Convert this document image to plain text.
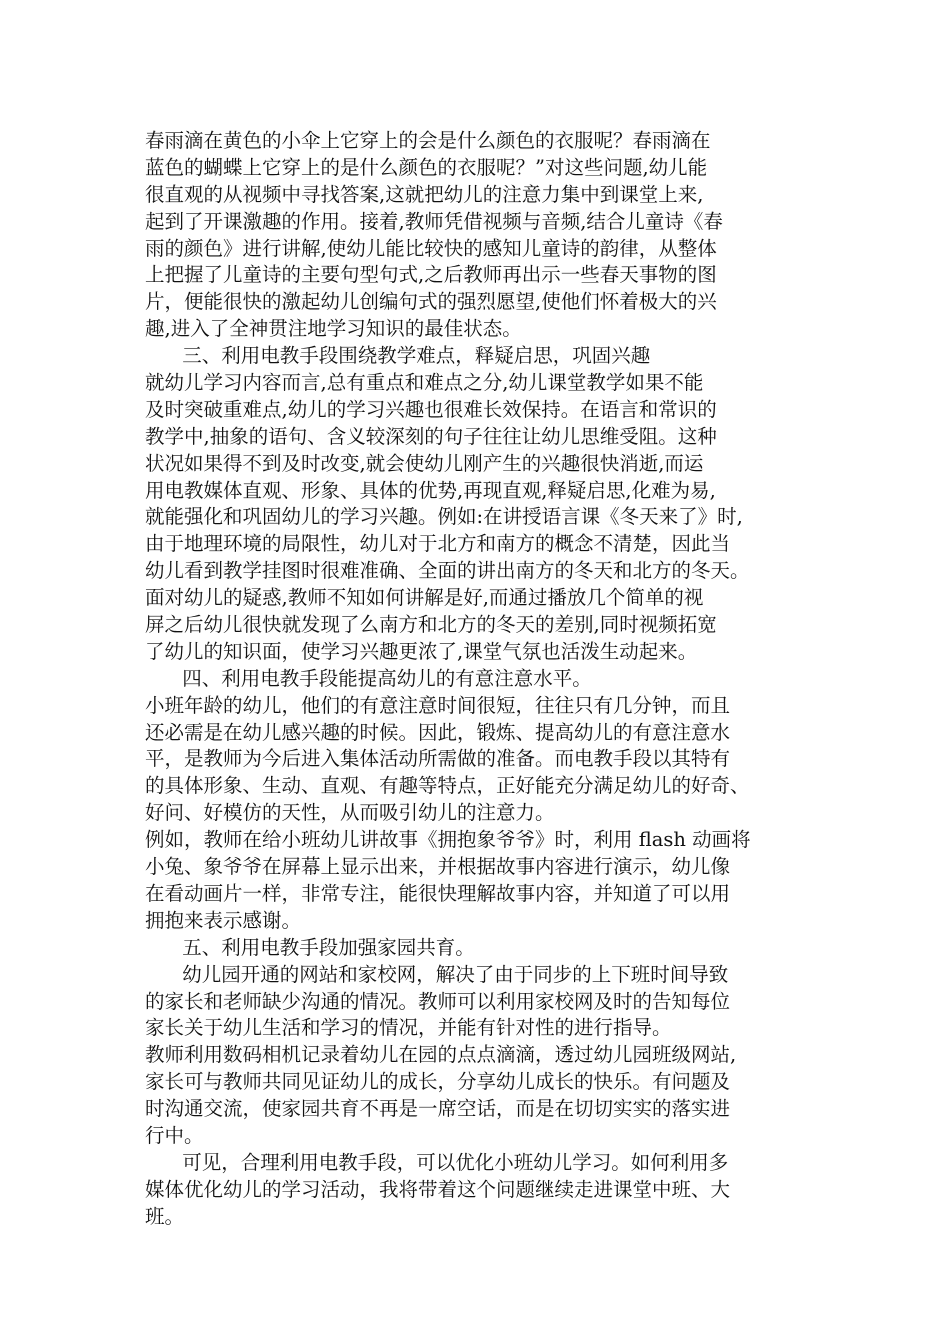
春雨滴在黄色的小伞上它穿上的会是什么颜色的衣服呢？春雨滴在
蓝色的蝴蝶上它穿上的是什么颜色的衣服呢？”对这些问题,幼儿能
很直观的从视频中寻找答案,这就把幼儿的注意力集中到课堂上来,
起到了开课激趣的作用。接着,教师凭借视频与音频,结合儿童诗《春
雨的颜色》进行讲解,使幼儿能比较快的感知儿童诗的韵律，从整体
上把握了儿童诗的主要句型句式,之后教师再出示一些春天事物的图
片，便能很快的激起幼儿创编句式的强烈愿望,使他们怀着极大的兴
趣,进入了全神贯注地学习知识的最佳状态。
三、利用电教手段围绕教学难点，释疑启思，巩固兴趣
就幼儿学习内容而言,总有重点和难点之分,幼儿课堂教学如果不能
及时突破重难点,幼儿的学习兴趣也很难长效保持。在语言和常识的
教学中,抽象的语句、含义较深刻的句子往往让幼儿思维受阻。这种
状况如果得不到及时改变,就会使幼儿刚产生的兴趣很快消逝,而运
用电教媒体直观、形象、具体的优势,再现直观,释疑启思,化难为易,
就能强化和巩固幼儿的学习兴趣。例如:在讲授语言课《冬天来了》时,
由于地理环境的局限性，幼儿对于北方和南方的概念不清楚，因此当
幼儿看到教学挂图时很难准确、全面的讲出南方的冬天和北方的冬天。
面对幼儿的疑惑,教师不知如何讲解是好,而通过播放几个简单的视
屏之后幼儿很快就发现了么南方和北方的冬天的差别,同时视频拓宽
了幼儿的知识面，使学习兴趣更浓了,课堂气氛也活泼生动起来。
四、利用电教手段能提高幼儿的有意注意水平。
小班年龄的幼儿，他们的有意注意时间很短，往往只有几分钟，而且
还必需是在幼儿感兴趣的时候。因此，锻炼、提高幼儿的有意注意水
平，是教师为今后进入集体活动所需做的准备。而电教手段以其特有
的具体形象、生动、直观、有趣等特点，正好能充分满足幼儿的好奇、
好问、好模仿的天性，从而吸引幼儿的注意力。
例如，教师在给小班幼儿讲故事《拥抱象爷爷》时，利用 flash 动画将
小兔、象爷爷在屏幕上显示出来，并根据故事内容进行演示，幼儿像
在看动画片一样，非常专注，能很快理解故事内容，并知道了可以用
拥抱来表示感谢。
五、利用电教手段加强家园共育。
幼儿园开通的网站和家校网，解决了由于同步的上下班时间导致
的家长和老师缺少沟通的情况。教师可以利用家校网及时的告知每位
家长关于幼儿生活和学习的情况，并能有针对性的进行指导。
教师利用数码相机记录着幼儿在园的点点滴滴，透过幼儿园班级网站,
家长可与教师共同见证幼儿的成长，分享幼儿成长的快乐。有问题及
时沟通交流，使家园共育不再是一席空话，而是在切切实实的落实进
行中。
可见，合理利用电教手段，可以优化小班幼儿学习。如何利用多
媒体优化幼儿的学习活动，我将带着这个问题继续走进课堂中班、大
班。
